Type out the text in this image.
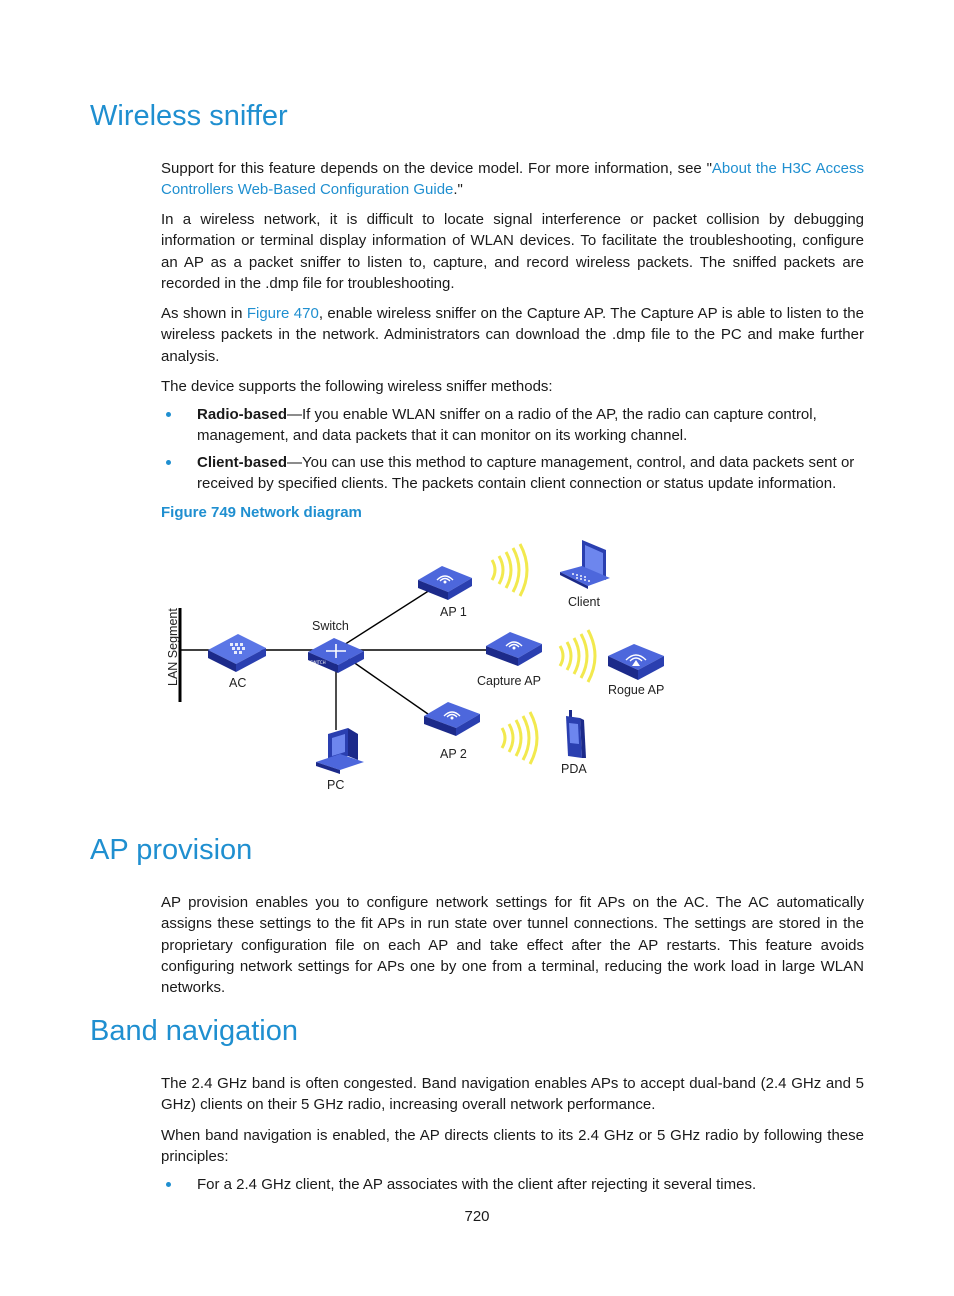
Wireless sniffer

Support for this feature depends on the device model. For more information, see "About the H3C Access Controllers Web-Based Configuration Guide."

In a wireless network, it is difficult to locate signal interference or packet collision by debugging information or terminal display information of WLAN devices. To facilitate the troubleshooting, configure an AP as a packet sniffer to listen to, capture, and record wireless packets. The sniffed packets are recorded in the .dmp file for troubleshooting.

As shown in Figure 470, enable wireless sniffer on the Capture AP. The Capture AP is able to listen to the wireless packets in the network. Administrators can download the .dmp file to the PC and make further analysis.

The device supports the following wireless sniffer methods:

Radio-based—If you enable WLAN sniffer on a radio of the AP, the radio can capture control, management, and data packets that it can monitor on its working channel.
Client-based—You can use this method to capture management, control, and data packets sent or received by specified clients. The packets contain client connection or status update information.

Figure 749 Network diagram

LAN Segment	AC
SWITCH
Switch
PC
AP 1
Capture AP
AP 2
Client
Rogue AP
PDA
AP provision

AP provision enables you to configure network settings for fit APs on the AC. The AC automatically assigns these settings to the fit APs in run state over tunnel connections. The settings are stored in the proprietary configuration file on each AP and take effect after the AP restarts. This feature avoids configuring network settings for APs one by one from a terminal, reducing the work load in large WLAN networks.

Band navigation

The 2.4 GHz band is often congested. Band navigation enables APs to accept dual-band (2.4 GHz and 5 GHz) clients on their 5 GHz radio, increasing overall network performance.

When band navigation is enabled, the AP directs clients to its 2.4 GHz or 5 GHz radio by following these principles:

For a 2.4 GHz client, the AP associates with the client after rejecting it several times.
720
